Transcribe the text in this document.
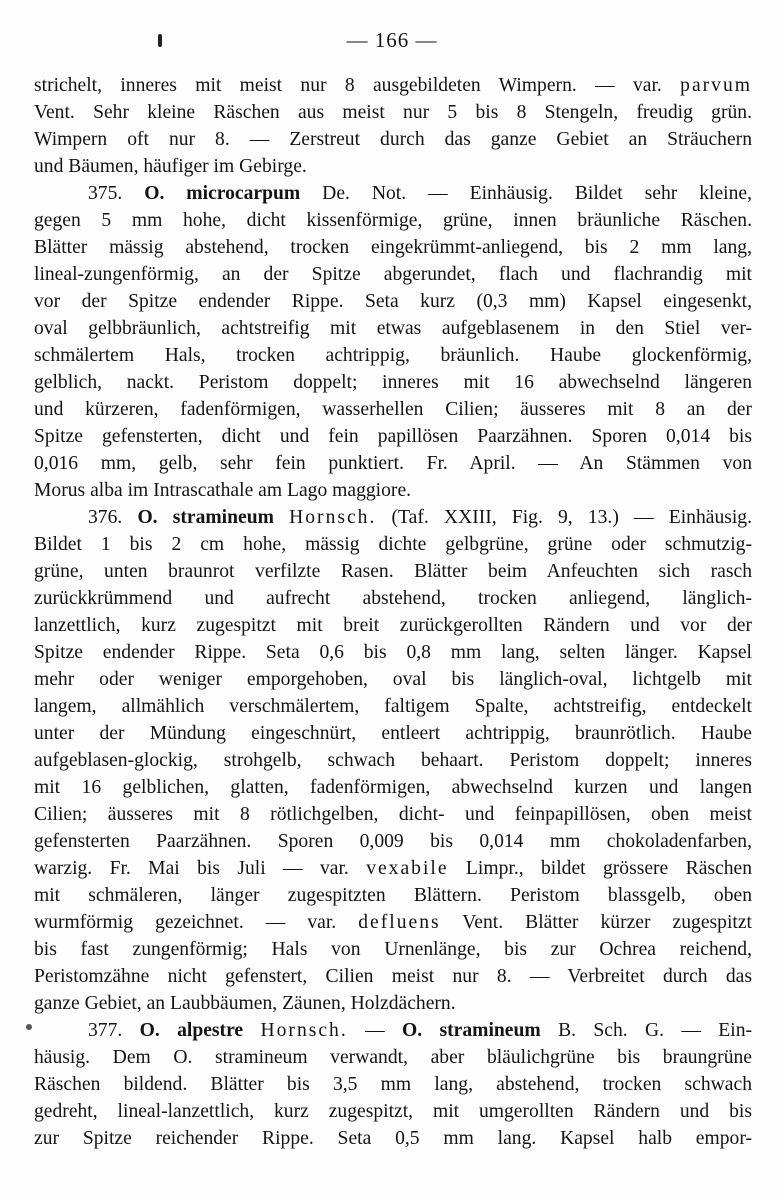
— 166 —
strichelt, inneres mit meist nur 8 ausgebildeten Wimpern. — var. parvum
Vent. Sehr kleine Räschen aus meist nur 5 bis 8 Stengeln, freudig grün.
Wimpern oft nur 8. — Zerstreut durch das ganze Gebiet an Sträuchern
und Bäumen, häufiger im Gebirge.
375. O. microcarpum De. Not. — Einhäusig. Bildet sehr kleine,
gegen 5 mm hohe, dicht kissenförmige, grüne, innen bräunliche Räschen.
Blätter mässig abstehend, trocken eingekrümmt-anliegend, bis 2 mm lang,
lineal-zungenförmig, an der Spitze abgerundet, flach und flachrandig mit
vor der Spitze endender Rippe. Seta kurz (0,3 mm) Kapsel eingesenkt,
oval gelbbräunlich, achtstreifig mit etwas aufgeblasenem in den Stiel ver-
schmälertem Hals, trocken achtrippig, bräunlich. Haube glockenförmig,
gelblich, nackt. Peristom doppelt; inneres mit 16 abwechselnd längeren
und kürzeren, fadenförmigen, wasserhellen Cilien; äusseres mit 8 an der
Spitze gefensterten, dicht und fein papillösen Paarzähnen. Sporen 0,014 bis
0,016 mm, gelb, sehr fein punktiert. Fr. April. — An Stämmen von
Morus alba im Intrascathale am Lago maggiore.
376. O. stramineum Hornsch. (Taf. XXIII, Fig. 9, 13.) — Einhäusig.
Bildet 1 bis 2 cm hohe, mässig dichte gelbgrüne, grüne oder schmutzig-
grüne, unten braunrot verfilzte Rasen. Blätter beim Anfeuchten sich rasch
zurückkrümmend und aufrecht abstehend, trocken anliegend, länglich-
lanzettlich, kurz zugespitzt mit breit zurückgerollten Rändern und vor der
Spitze endender Rippe. Seta 0,6 bis 0,8 mm lang, selten länger. Kapsel
mehr oder weniger emporgehoben, oval bis länglich-oval, lichtgelb mit
langem, allmählich verschmälertem, faltigem Spalte, achtstreifig, entdeckelt
unter der Mündung eingeschnürt, entleert achtrippig, braunrötlich. Haube
aufgeblasen-glockig, strohgelb, schwach behaart. Peristom doppelt; inneres
mit 16 gelblichen, glatten, fadenförmigen, abwechselnd kurzen und langen
Cilien; äusseres mit 8 rötlichgelben, dicht- und feinpapillösen, oben meist
gefensterten Paarzähnen. Sporen 0,009 bis 0,014 mm chokoladenfarben,
warzig. Fr. Mai bis Juli — var. vexabile Limpr., bildet grössere Räschen
mit schmäleren, länger zugespitzten Blättern. Peristom blassgelb, oben
wurmförmig gezeichnet. — var. defluens Vent. Blätter kürzer zugespitzt
bis fast zungenförmig; Hals von Urnenlänge, bis zur Ochrea reichend,
Peristomzähne nicht gefenstert, Cilien meist nur 8. — Verbreitet durch das
ganze Gebiet, an Laubbäumen, Zäunen, Holzdächern.
377. O. alpestre Hornsch. — O. stramineum B. Sch. G. — Ein-
häusig. Dem O. stramineum verwandt, aber bläulichgrüne bis braungrüne
Räschen bildend. Blätter bis 3,5 mm lang, abstehend, trocken schwach
gedreht, lineal-lanzettlich, kurz zugespitzt, mit umgerollten Rändern und bis
zur Spitze reichender Rippe. Seta 0,5 mm lang. Kapsel halb empor-
